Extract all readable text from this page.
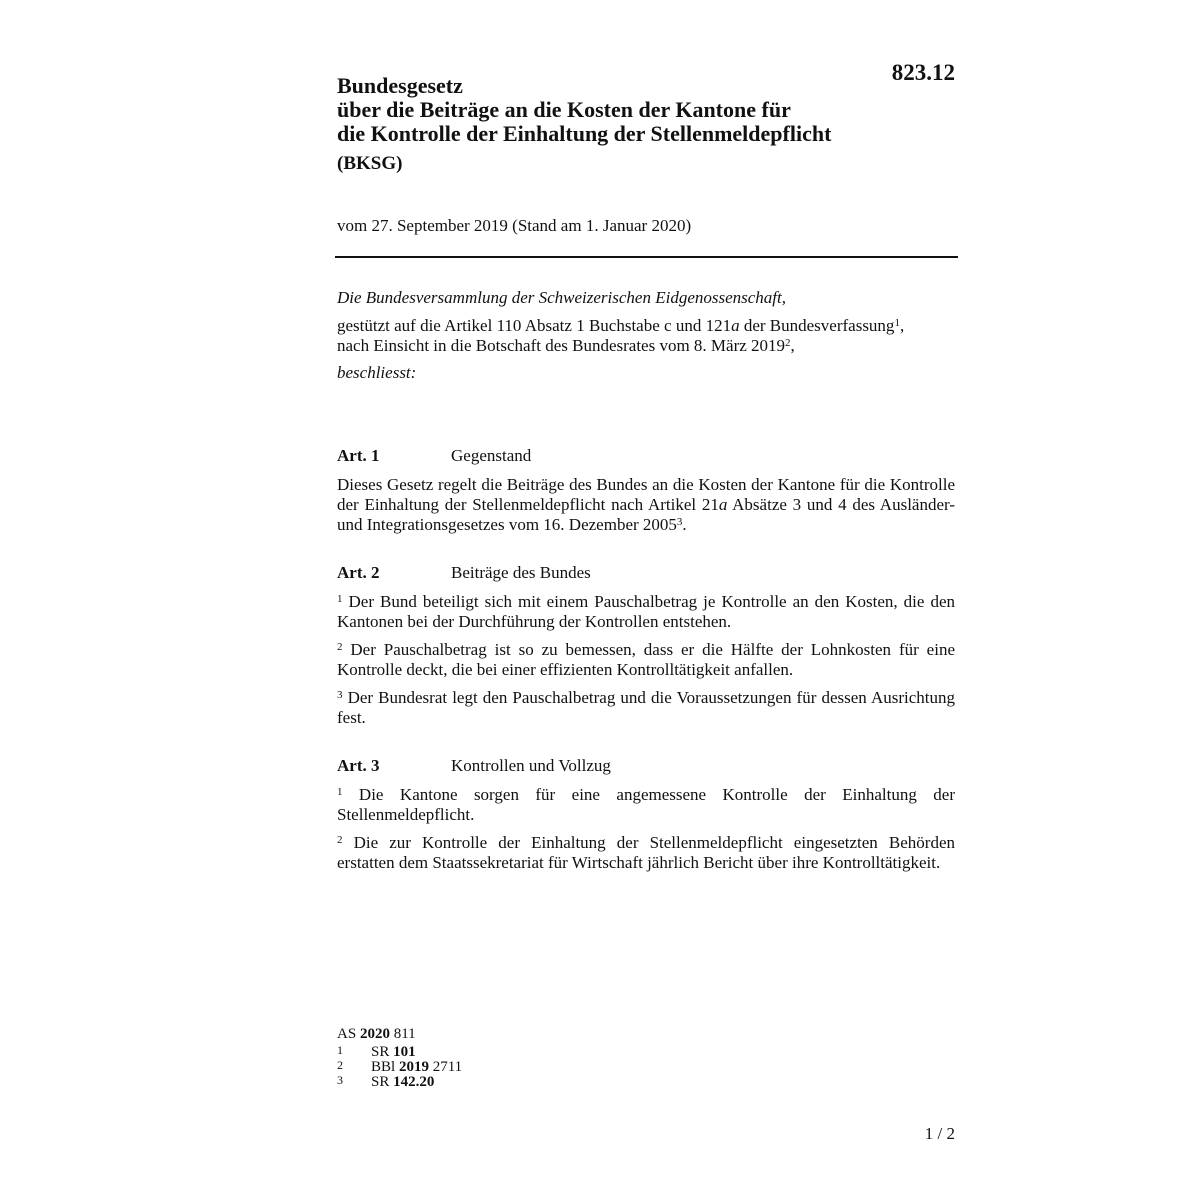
823.12
Bundesgesetz
über die Beiträge an die Kosten der Kantone für
die Kontrolle der Einhaltung der Stellenmeldepflicht
(BKSG)
vom 27. September 2019 (Stand am 1. Januar 2020)

Die Bundesversammlung der Schweizerischen Eidgenossenschaft,

gestützt auf die Artikel 110 Absatz 1 Buchstabe c und 121a der Bundesverfassung$^1$,

nach Einsicht in die Botschaft des Bundesrates vom 8. März 2019$^2$,

beschliesst:

Art. 1	Gegenstand

Dieses Gesetz regelt die Beiträge des Bundes an die Kosten der Kantone für die Kontrolle der Einhaltung der Stellenmeldepflicht nach Artikel 21a Absätze 3 und 4 des Ausländer- und Integrationsgesetzes vom 16. Dezember 2005$^3$.

Art. 2	Beiträge des Bundes

$^1$ Der Bund beteiligt sich mit einem Pauschalbetrag je Kontrolle an den Kosten, die den Kantonen bei der Durchführung der Kontrollen entstehen.

$^2$ Der Pauschalbetrag ist so zu bemessen, dass er die Hälfte der Lohnkosten für eine Kontrolle deckt, die bei einer effizienten Kontrolltätigkeit anfallen.

$^3$ Der Bundesrat legt den Pauschalbetrag und die Voraussetzungen für dessen Ausrichtung fest.

Art. 3	Kontrollen und Vollzug

$^1$ Die Kantone sorgen für eine angemessene Kontrolle der Einhaltung der Stellenmeldepflicht.

$^2$ Die zur Kontrolle der Einhaltung der Stellenmeldepflicht eingesetzten Behörden erstatten dem Staatssekretariat für Wirtschaft jährlich Bericht über ihre Kontrolltätigkeit.

AS 2020 811
1	SR 101
2	BBl 2019 2711
3	SR 142.20
1 / 2
